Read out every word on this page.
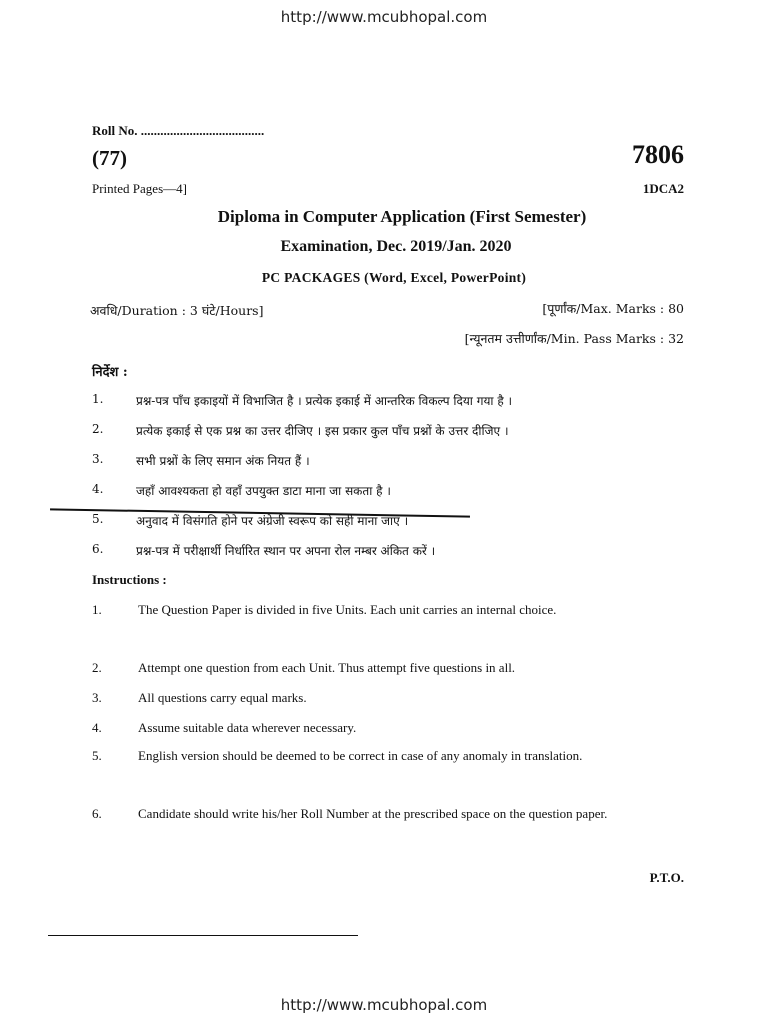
http://www.mcubhopal.com
Roll No. ......................................
(77)	7806
Printed Pages—4]	1DCA2
Diploma in Computer Application (First Semester)
Examination, Dec. 2019/Jan. 2020
PC PACKAGES (Word, Excel, PowerPoint)
अवधि/Duration : 3 घंटे/Hours]	[पूर्णांक/Max. Marks : 80
[न्यूनतम उत्तीर्णांक/Min. Pass Marks : 32
निर्देश :
1.	प्रश्न-पत्र पाँच इकाइयों में विभाजित है । प्रत्येक इकाई में आन्तरिक विकल्प दिया गया है ।
2.	प्रत्येक इकाई से एक प्रश्न का उत्तर दीजिए । इस प्रकार कुल पाँच प्रश्नों के उत्तर दीजिए ।
3.	सभी प्रश्नों के लिए समान अंक नियत हैं ।
4.	जहाँ आवश्यकता हो वहाँ उपयुक्त डाटा माना जा सकता है ।
5.	अनुवाद में विसंगति होने पर अंग्रेजी स्वरूप को सही माना जाए ।
6.	प्रश्न-पत्र में परीक्षार्थी निर्धारित स्थान पर अपना रोल नम्बर अंकित करें ।
Instructions :
1.	The Question Paper is divided in five Units. Each unit carries an internal choice.
2.	Attempt one question from each Unit. Thus attempt five questions in all.
3.	All questions carry equal marks.
4.	Assume suitable data wherever necessary.
5.	English version should be deemed to be correct in case of any anomaly in translation.
6.	Candidate should write his/her Roll Number at the prescribed space on the question paper.
P.T.O.
http://www.mcubhopal.com
